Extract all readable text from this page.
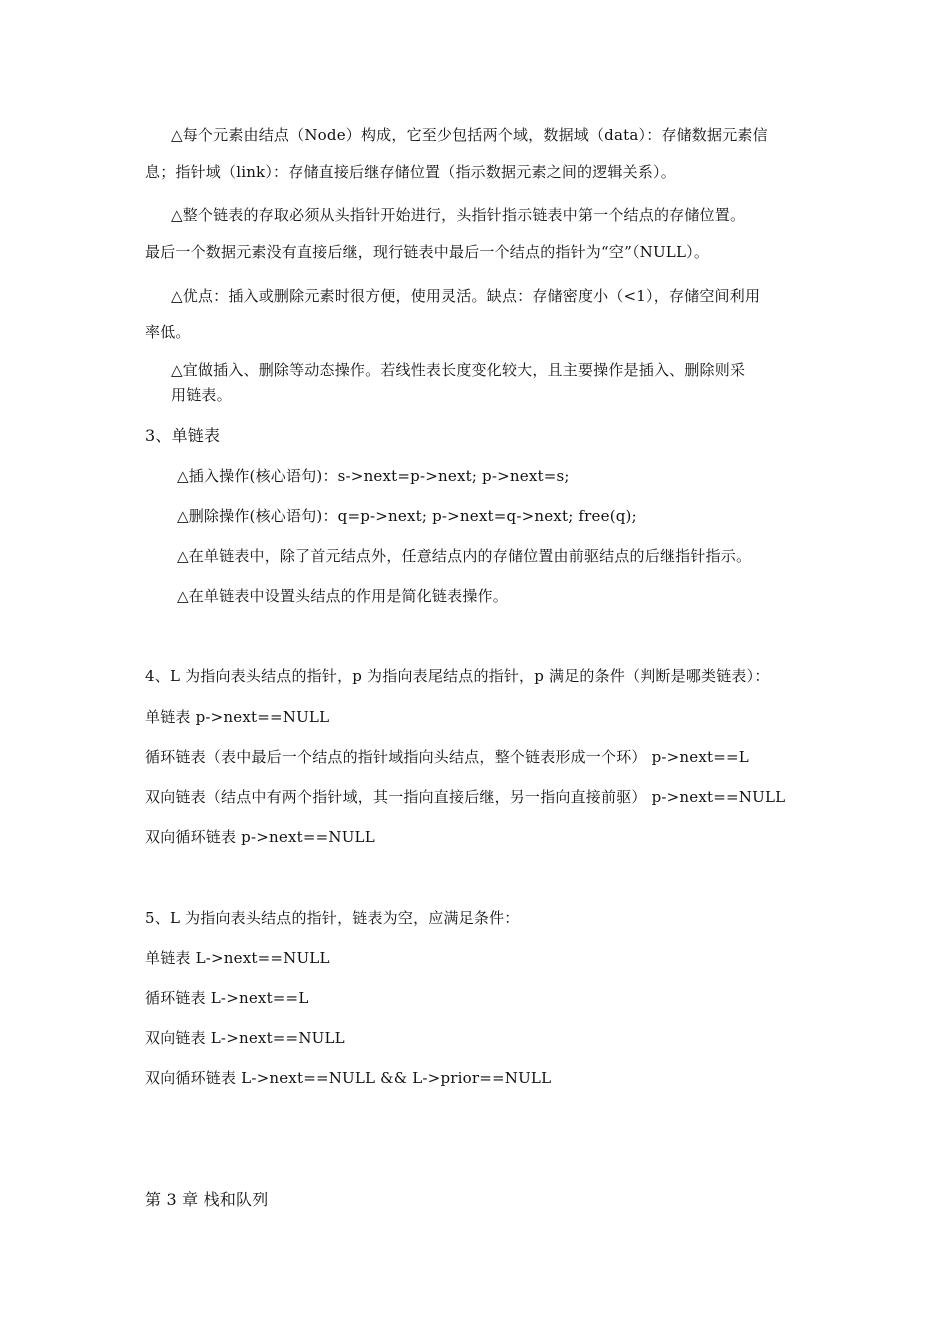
△每个元素由结点（Node）构成，它至少包括两个域，数据域（data）：存储数据元素信

息；指针域（link）：存储直接后继存储位置（指示数据元素之间的逻辑关系）。

△整个链表的存取必须从头指针开始进行，头指针指示链表中第一个结点的存储位置。

最后一个数据元素没有直接后继，现行链表中最后一个结点的指针为“空”（NULL）。

△优点：插入或删除元素时很方便，使用灵活。缺点：存储密度小（<1），存储空间利用

率低。

△宜做插入、删除等动态操作。若线性表长度变化较大，且主要操作是插入、删除则采

用链表。

3、单链表

△插入操作(核心语句)：s->next=p->next; p->next=s;

△删除操作(核心语句)：q=p->next; p->next=q->next; free(q);

△在单链表中，除了首元结点外，任意结点内的存储位置由前驱结点的后继指针指示。

△在单链表中设置头结点的作用是简化链表操作。

4、L 为指向表头结点的指针，p 为指向表尾结点的指针，p 满足的条件（判断是哪类链表）：

单链表 p->next==NULL

循环链表（表中最后一个结点的指针域指向头结点，整个链表形成一个环） p->next==L

双向链表（结点中有两个指针域，其一指向直接后继，另一指向直接前驱） p->next==NULL

双向循环链表 p->next==NULL

5、L 为指向表头结点的指针，链表为空，应满足条件：

单链表 L->next==NULL

循环链表 L->next==L

双向链表 L->next==NULL

双向循环链表 L->next==NULL && L->prior==NULL

第 3 章 栈和队列
